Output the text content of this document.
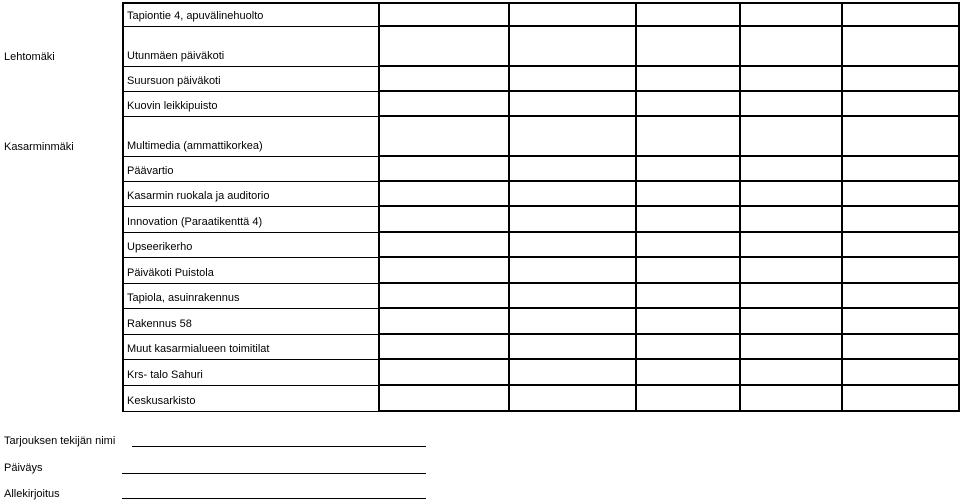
Tapiontie 4, apuvälinehuolto
Lehtomäki	Utunmäen päiväkoti
Suursuon päiväkoti
Kuovin leikkipuisto
Kasarminmäki	Multimedia (ammattikorkea)
Päävartio
Kasarmin ruokala ja auditorio
Innovation (Paraatikenttä 4)
Upseerikerho
Päiväkoti Puistola
Tapiola, asuinrakennus
Rakennus 58
Muut kasarmialueen toimitilat
Krs- talo Sahuri
Keskusarkisto
Tarjouksen tekijän nimi
Päiväys
Allekirjoitus
